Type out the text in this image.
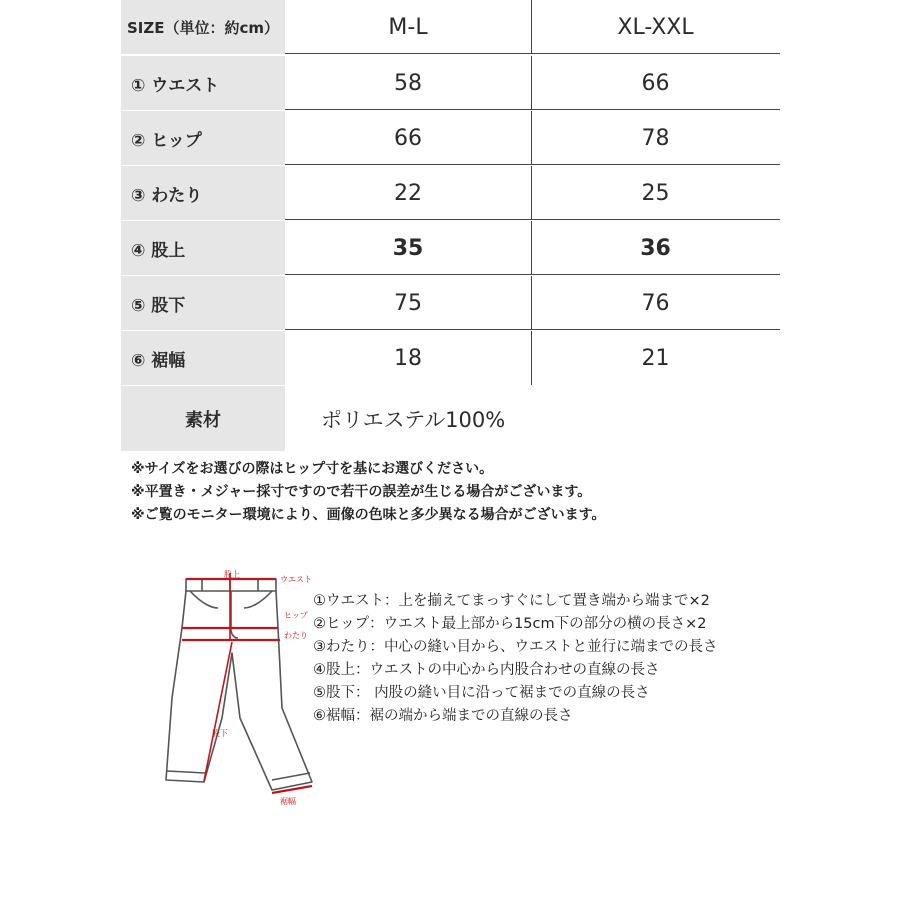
SIZE（単位：約cm）	M-L	XL-XXL
① ウエスト	58	66
② ヒップ	66	78
③ わたり	22	25
④ 股上	35	36
⑤ 股下	75	76
⑥ 裾幅	18	21
素材	ポリエステル100%
※サイズをお選びの際はヒップ寸を基にお選びください。
※平置き・メジャー採寸ですので若干の誤差が生じる場合がございます。
※ご覧のモニター環境により、画像の色味と多少異なる場合がございます。
股上
ウエスト
ヒップ
わたり
股下
裾幅
①ウエスト：上を揃えてまっすぐにして置き端から端まで×2
②ヒップ：ウエスト最上部から15cm下の部分の横の長さ×2
③わたり：中心の縫い目から、ウエストと並行に端までの長さ
④股上：ウエストの中心から内股合わせの直線の長さ
⑤股下： 内股の縫い目に沿って裾までの直線の長さ
⑥裾幅：裾の端から端までの直線の長さ
